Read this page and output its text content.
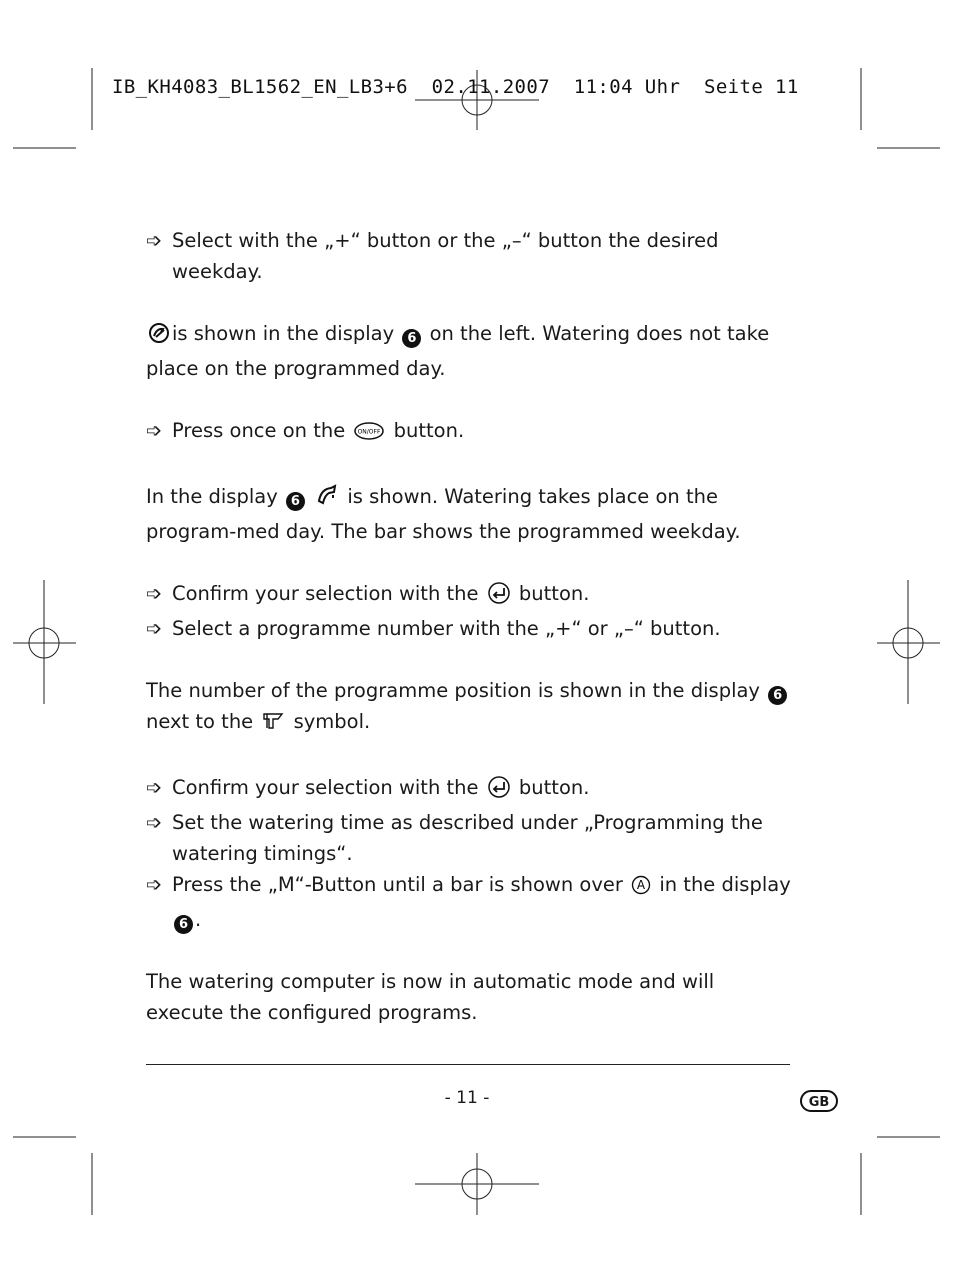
IB_KH4083_BL1562_EN_LB3+6 02.11.2007 11:04 Uhr Seite 11
➩ Select with the „+“ button or the „–“ button the desired weekday.

is shown in the display 6 on the left. Watering does not take place on the programmed day.

➩ Press once on the ON/OFF button.

In the display 6 is shown. Watering takes place on the program-med day. The bar shows the programmed weekday.

➩ Confirm your selection with the button.
➩ Select a programme number with the „+“ or „–“ button.

The number of the programme position is shown in the display 6 next to the symbol.

➩ Confirm your selection with the button.
➩ Set the watering time as described under „Programming the watering timings“.
➩ Press the „M“-Button until a bar is shown over A in the display 6 .

The watering computer is now in automatic mode and will execute the configured programs.

- 11 -	GB
